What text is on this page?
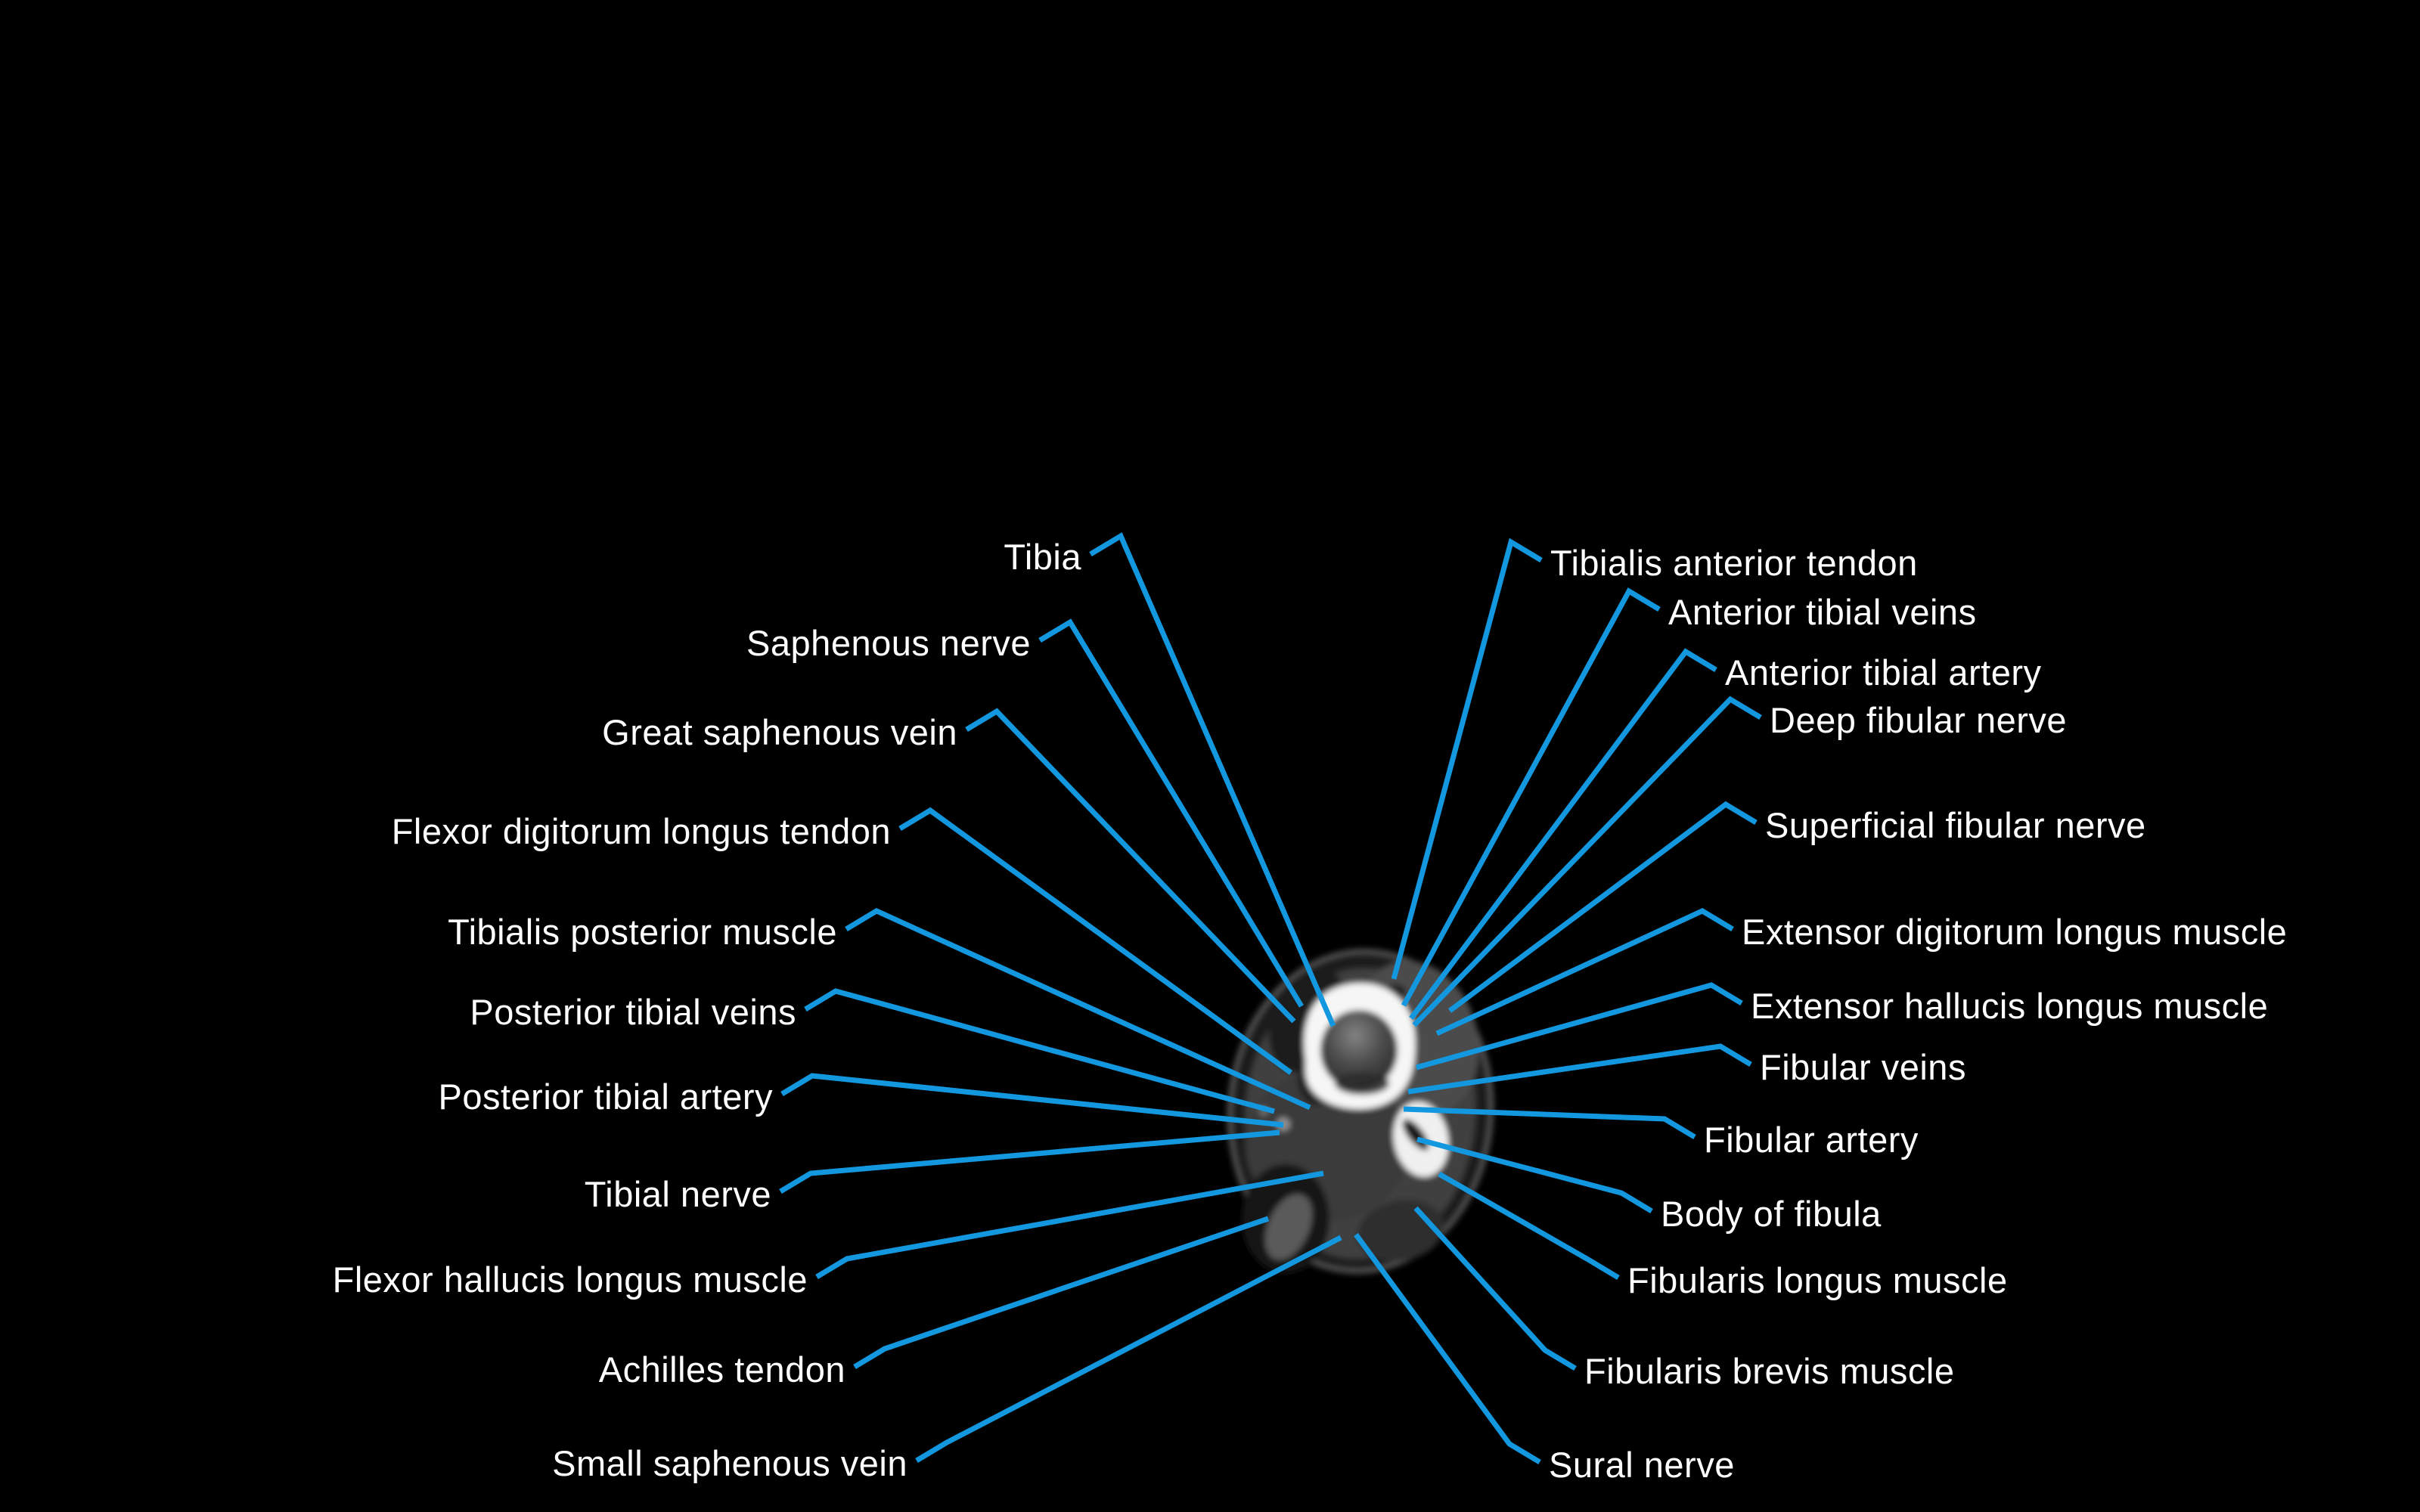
Tibia
Saphenous nerve
Great saphenous vein
Flexor digitorum longus tendon
Tibialis posterior muscle
Posterior tibial veins
Posterior tibial artery
Tibial nerve
Flexor hallucis longus muscle
Achilles tendon
Small saphenous vein
Tibialis anterior tendon
Anterior tibial veins
Anterior tibial artery
Deep fibular nerve
Superficial fibular nerve
Extensor digitorum longus muscle
Extensor hallucis longus muscle
Fibular veins
Fibular artery
Body of fibula
Fibularis longus muscle
Fibularis brevis muscle
Sural nerve
